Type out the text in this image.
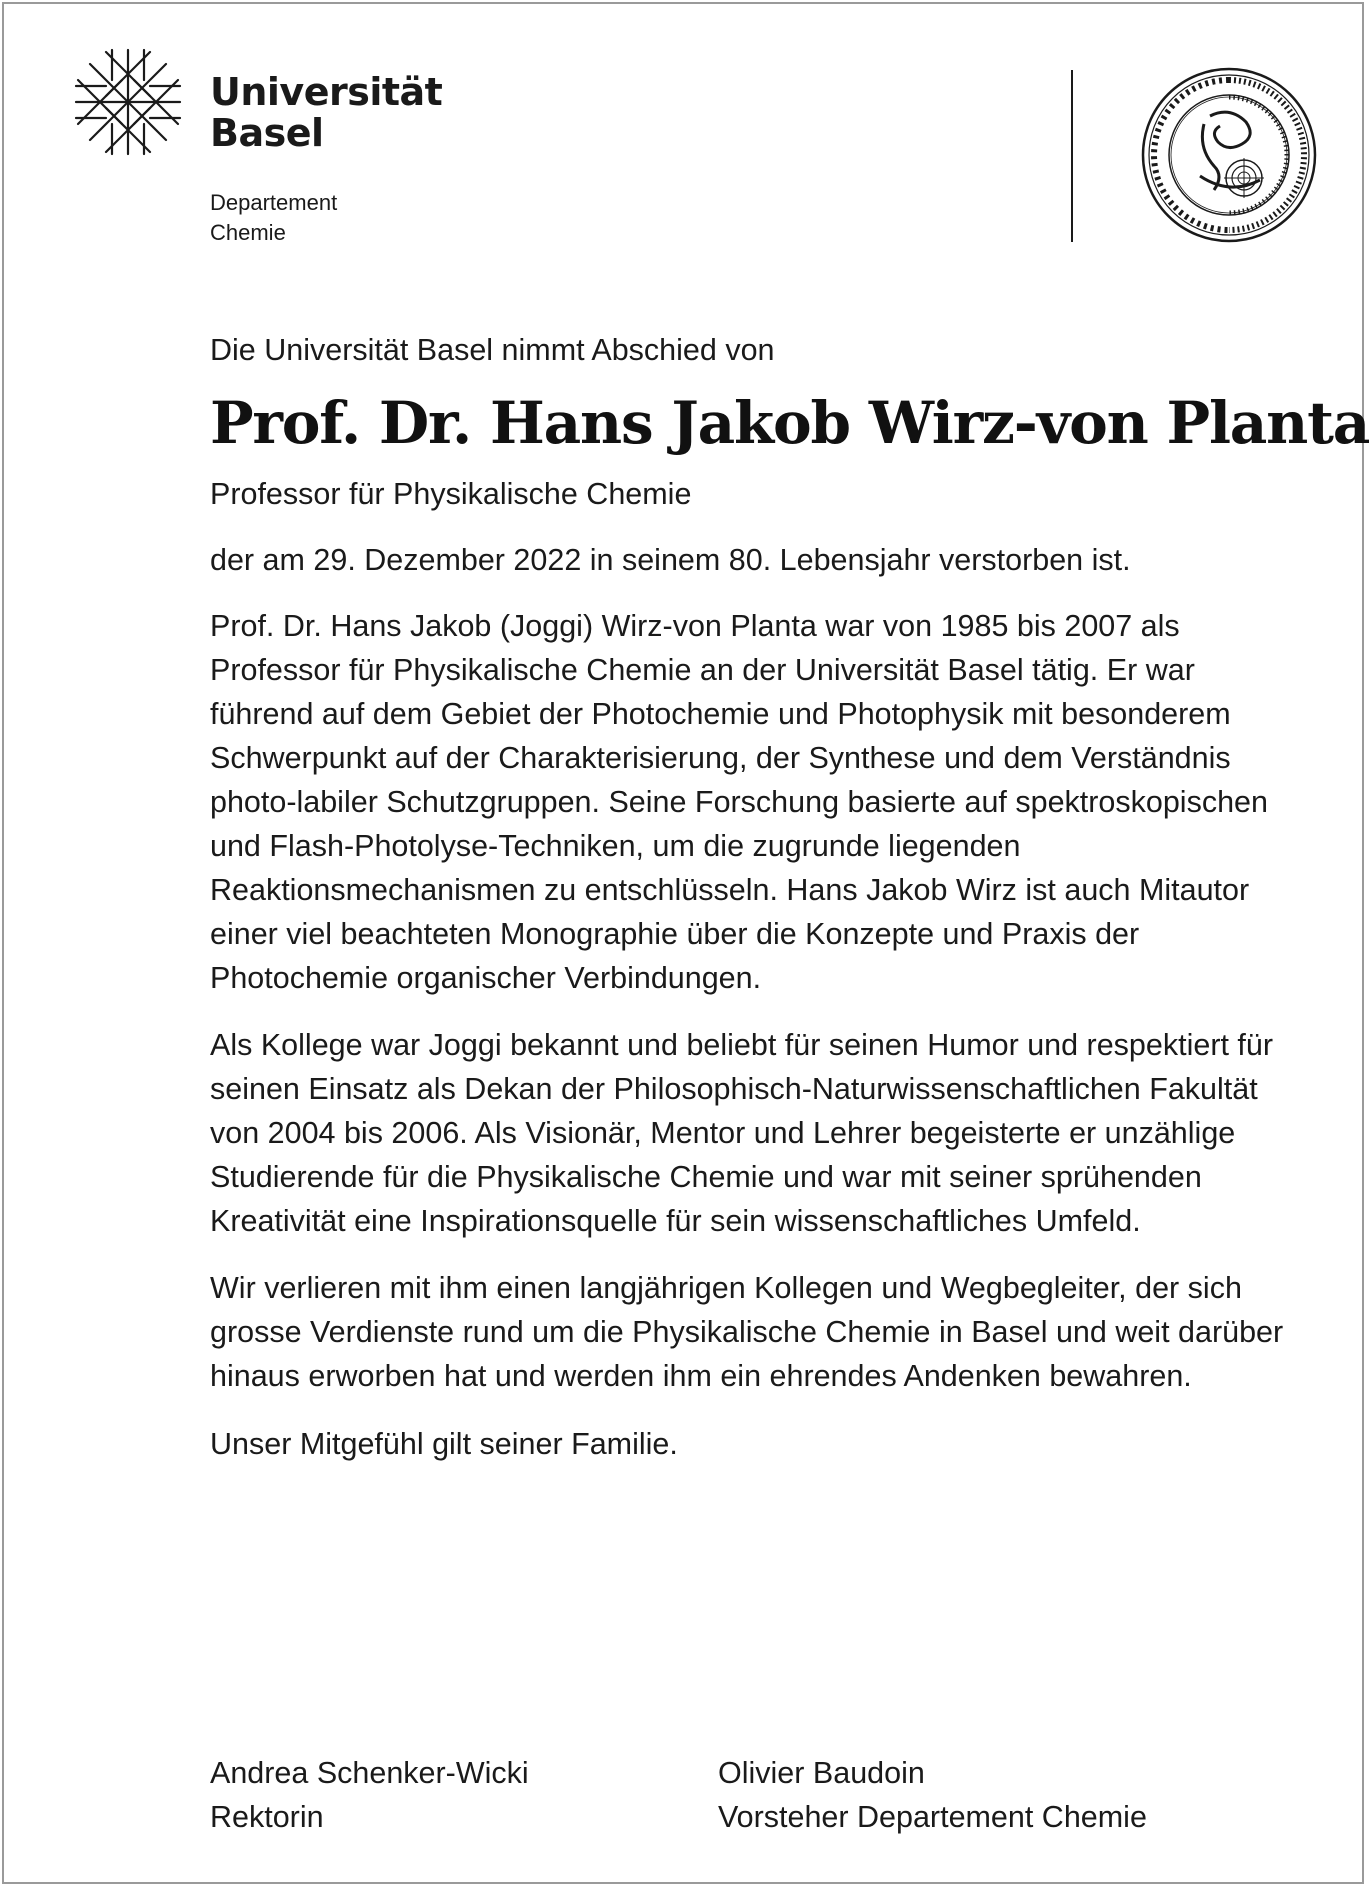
Universität
Basel
Departement
Chemie

Die Universität Basel nimmt Abschied von

Prof. Dr. Hans Jakob Wirz-von Planta

Professor für Physikalische Chemie

der am 29. Dezember 2022 in seinem 80. Lebensjahr verstorben ist.

Prof. Dr. Hans Jakob (Joggi) Wirz-von Planta war von 1985 bis 2007 als Professor für Physikalische Chemie an der Universität Basel tätig. Er war führend auf dem Gebiet der Photochemie und Photophysik mit besonderem Schwerpunkt auf der Charakterisierung, der Synthese und dem Verständnis photo-labiler Schutzgruppen. Seine Forschung basierte auf spektroskopischen und Flash-Photolyse-Techniken, um die zugrunde liegenden Reaktionsmechanismen zu entschlüsseln. Hans Jakob Wirz ist auch Mitautor einer viel beachteten Monographie über die Konzepte und Praxis der Photochemie organischer Verbindungen.

Als Kollege war Joggi bekannt und beliebt für seinen Humor und respektiert für seinen Einsatz als Dekan der Philosophisch-Naturwissenschaftlichen Fakultät von 2004 bis 2006. Als Visionär, Mentor und Lehrer begeisterte er unzählige Studierende für die Physikalische Chemie und war mit seiner sprühenden Kreativität eine Inspirationsquelle für sein wissenschaftliches Umfeld.

Wir verlieren mit ihm einen langjährigen Kollegen und Wegbegleiter, der sich grosse Verdienste rund um die Physikalische Chemie in Basel und weit darüber hinaus erworben hat und werden ihm ein ehrendes Andenken bewahren.

Unser Mitgefühl gilt seiner Familie.

Andrea Schenker-Wicki
Rektorin
Olivier Baudoin
Vorsteher Departement Chemie
